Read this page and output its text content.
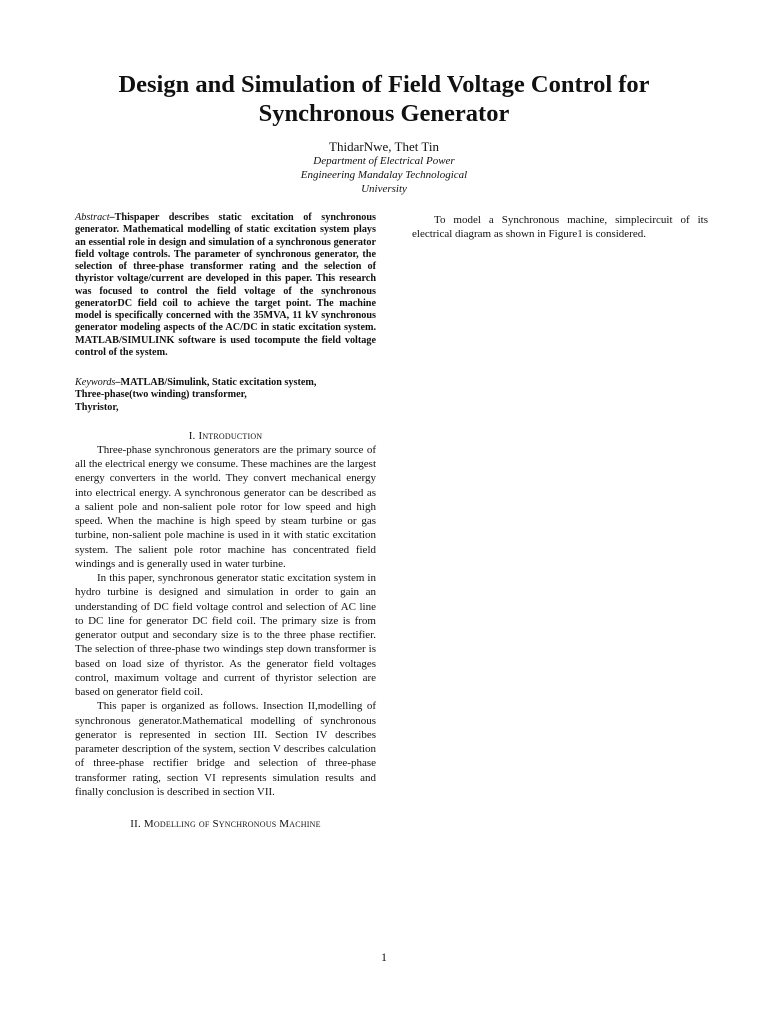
Design and Simulation of Field Voltage Control for
Synchronous Generator
ThidarNwe, Thet Tin
Department of Electrical Power
Engineering Mandalay Technological
University

Abstract–Thispaper describes static excitation of synchronous generator. Mathematical modelling of static excitation system plays an essential role in design and simulation of a synchronous generator field voltage controls. The parameter of synchronous generator, the selection of three-phase transformer rating and the selection of thyristor voltage/current are developed in this paper. This research was focused to control the field voltage of the synchronous generatorDC field coil to achieve the target point. The machine model is specifically concerned with the 35MVA, 11 kV synchronous generator modeling aspects of the AC/DC in static excitation system. MATLAB/SIMULINK software is used tocompute the field voltage control of the system.

Keywords–MATLAB/Simulink, Static excitation system,
Three-phase(two winding) transformer,
Thyristor,
I. Introduction

Three-phase synchronous generators are the primary source of all the electrical energy we consume. These machines are the largest energy converters in the world. They convert mechanical energy into electrical energy. A synchronous generator can be described as a salient pole and non-salient pole rotor for low speed and high speed. When the machine is high speed by steam turbine or gas turbine, non-salient pole machine is used in it with static excitation system. The salient pole rotor machine has concentrated field windings and is generally used in water turbine.

In this paper, synchronous generator static excitation system in hydro turbine is designed and simulation in order to gain an understanding of DC field voltage control and selection of AC line to DC line for generator DC field coil. The primary size is from generator output and secondary size is to the three phase rectifier. The selection of three-phase two windings step down transformer is based on load size of thyristor. As the generator field voltages control, maximum voltage and current of thyristor selection are based on generator field coil.

This paper is organized as follows. Insection II,modelling of synchronous generator.Mathematical modelling of synchronous generator is represented in section III. Section IV describes parameter description of the system, section V describes calculation of three-phase rectifier bridge and selection of three-phase transformer rating, section VI represents simulation results and finally conclusion is described in section VII.

II. Modelling of Synchronous Machine

To model a Synchronous machine, simplecircuit of its electrical diagram as shown in Figure1 is considered.

1
